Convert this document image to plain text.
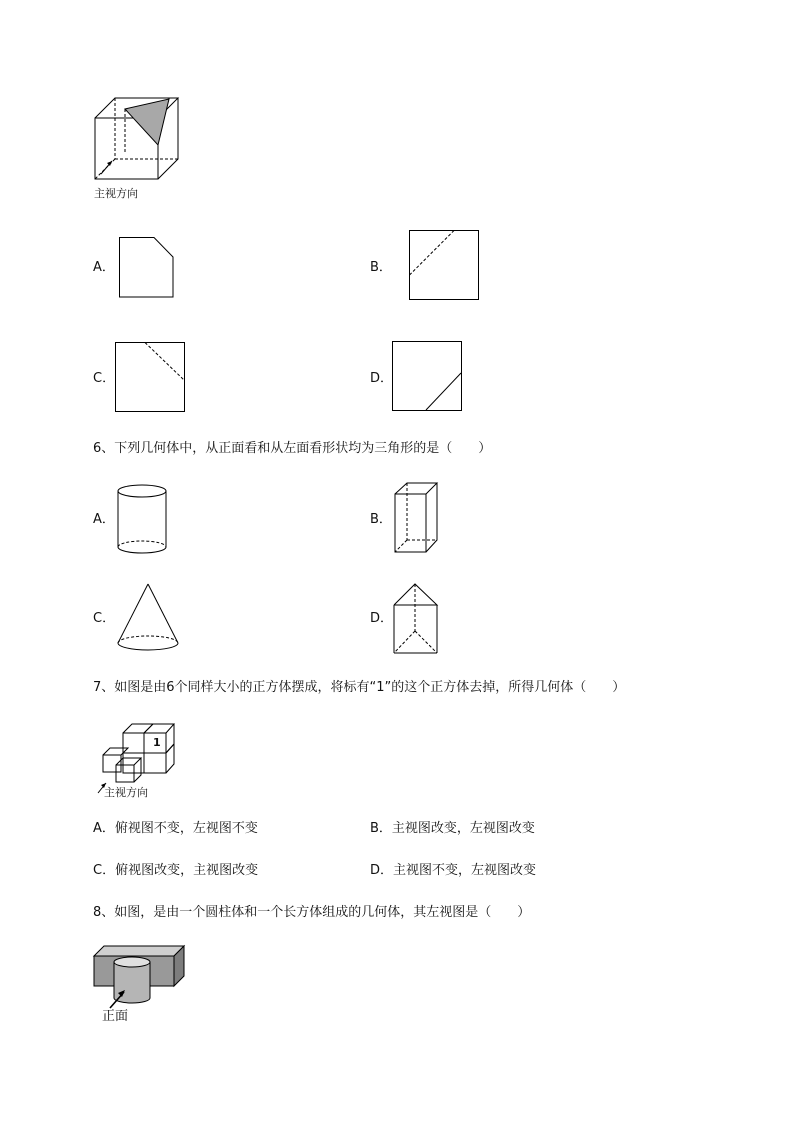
主视方向
A．	B．
C．	D．
6、下列几何体中，从正面看和从左面看形状均为三角形的是（　　）
A．	B．
C．	D．
7、如图是由6个同样大小的正方体摆成，将标有“1”的这个正方体去掉，所得几何体（　　）
1
主视方向
A．俯视图不变，左视图不变	B．主视图改变，左视图改变
C．俯视图改变，主视图改变	D．主视图不变，左视图改变
8、如图，是由一个圆柱体和一个长方体组成的几何体，其左视图是（　　）
正面
